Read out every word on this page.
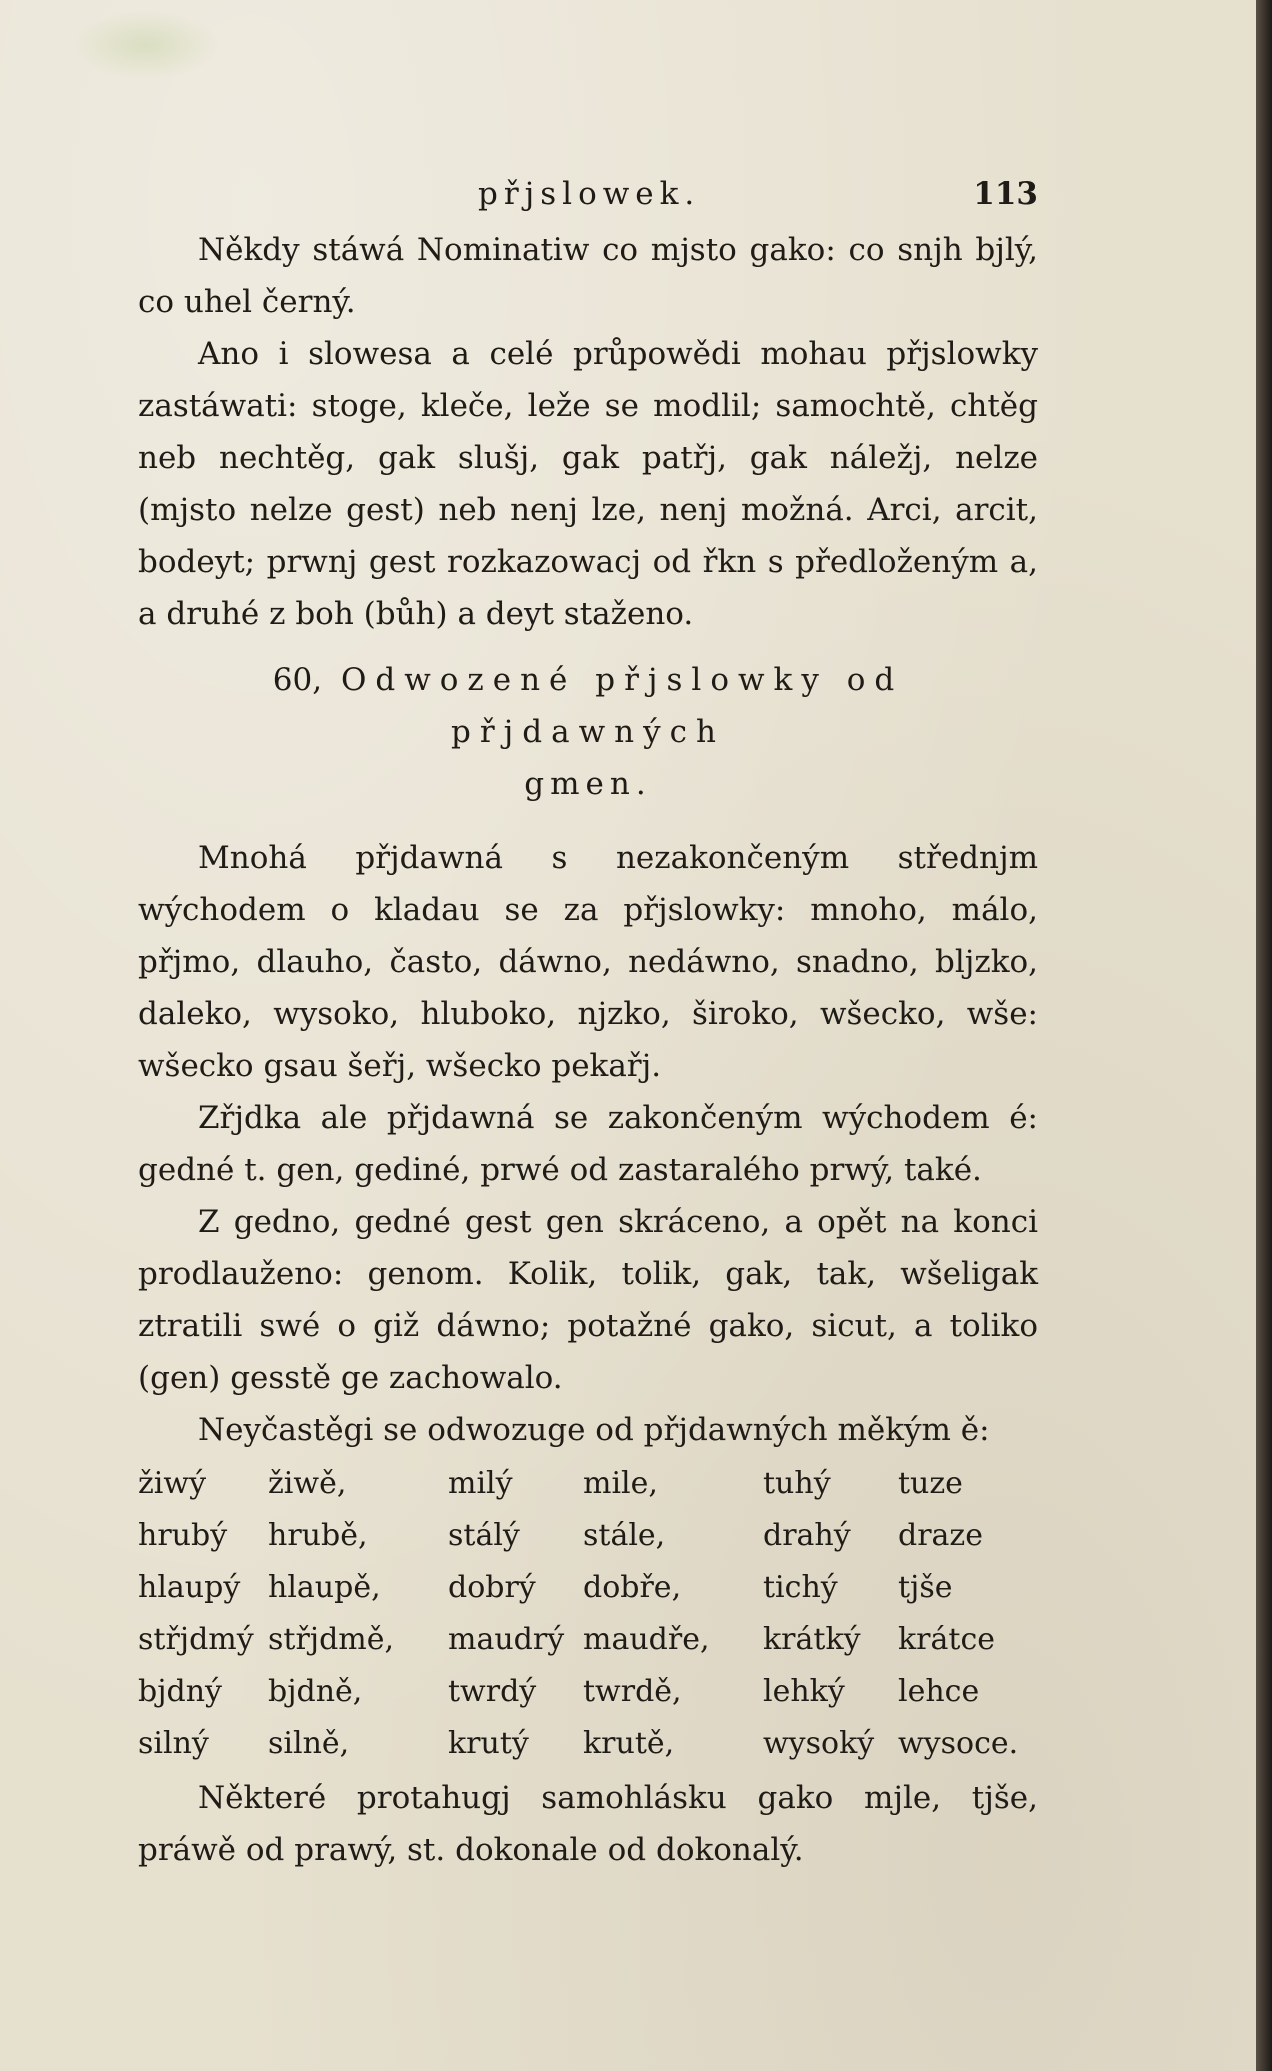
přjslowek.	113

Někdy stáwá Nominatiw co mjsto gako: co snjh bjlý, co uhel černý.

Ano i slowesa a celé průpowědi mohau přjslowky zastáwati: stoge, kleče, leže se modlil; samochtě, chtěg neb nechtěg, gak slušj, gak patřj, gak náležj, nelze (mjsto nelze gest) neb nenj lze, nenj možná. Arci, arcit, bodeyt; prwnj gest rozkazowacj od řkn s předloženým a, a druhé z boh (bůh) a deyt staženo.

60, Odwozené přjslowky od přjdawných
gmen.

Mnohá přjdawná s nezakončeným střednjm wýchodem o kladau se za přjslowky: mnoho, málo, přjmo, dlauho, často, dáwno, nedáwno, snadno, bljzko, daleko, wysoko, hluboko, njzko, široko, wšecko, wše: wšecko gsau šeřj, wšecko pekařj.

Zřjdka ale přjdawná se zakončeným wýchodem é: gedné t. gen, gediné, prwé od zastaralého prwý, také.

Z gedno, gedné gest gen skráceno, a opět na konci prodlauženo: genom. Kolik, tolik, gak, tak, wšeligak ztratili swé o giž dáwno; potažné gako, sicut, a toliko (gen) gesstě ge zachowalo.

Neyčastěgi se odwozuge od přjdawných měkým ě:

žiwý	žiwě,	milý	mile,	tuhý	tuze
hrubý	hrubě,	stálý	stále,	drahý	draze
hlaupý	hlaupě,	dobrý	dobře,	tichý	tjše
střjdmý	střjdmě,	maudrý	maudře,	krátký	krátce
bjdný	bjdně,	twrdý	twrdě,	lehký	lehce
silný	silně,	krutý	krutě,	wysoký	wysoce.

Některé protahugj samohlásku gako mjle, tjše, práwě od prawý, st. dokonale od dokonalý.
